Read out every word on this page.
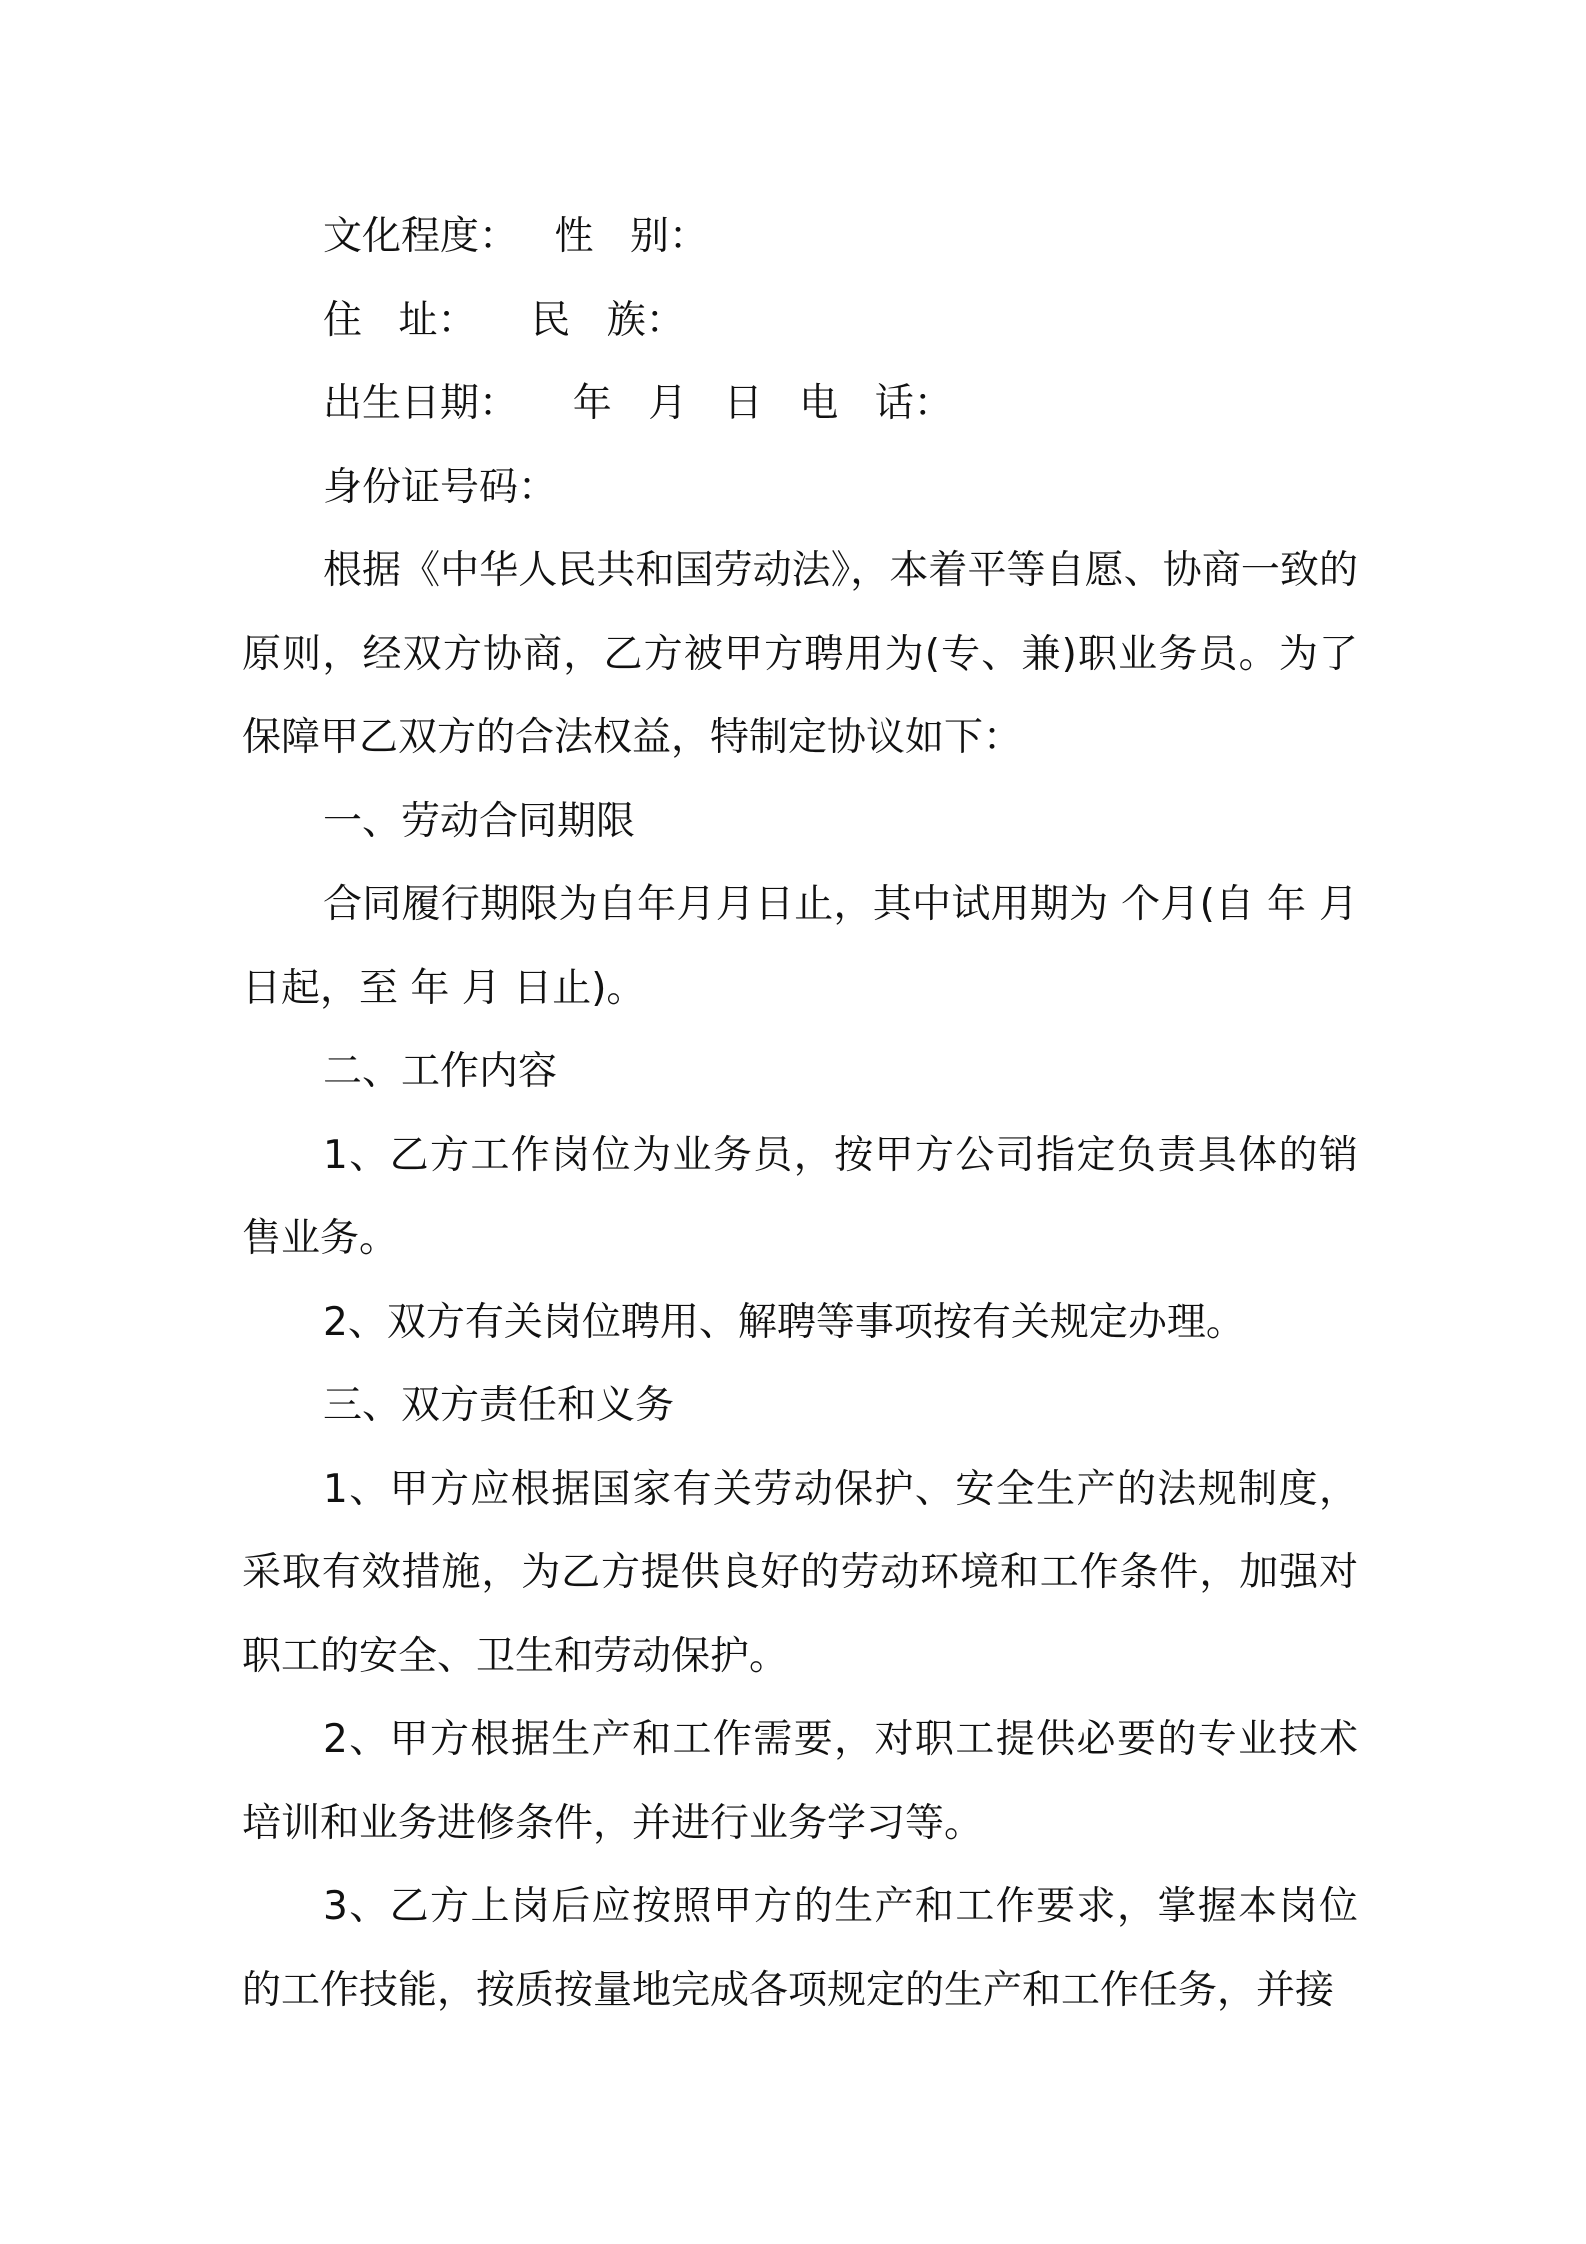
文化程度：  性  别：

住  址：   民  族：

出生日期：   年  月  日  电  话：

身份证号码：

根据《中华人民共和国劳动法》，本着平等自愿、协商一致的原则，经双方协商，乙方被甲方聘用为(专、兼)职业务员。为了保障甲乙双方的合法权益，特制定协议如下：

一、劳动合同期限

合同履行期限为自年月月日止，其中试用期为 个月(自 年 月 日起，至 年 月 日止)。

二、工作内容

1、乙方工作岗位为业务员，按甲方公司指定负责具体的销售业务。

2、双方有关岗位聘用、解聘等事项按有关规定办理。

三、双方责任和义务

1、甲方应根据国家有关劳动保护、安全生产的法规制度，采取有效措施，为乙方提供良好的劳动环境和工作条件，加强对职工的安全、卫生和劳动保护。

2、甲方根据生产和工作需要，对职工提供必要的专业技术培训和业务进修条件，并进行业务学习等。

3、乙方上岗后应按照甲方的生产和工作要求，掌握本岗位的工作技能，按质按量地完成各项规定的生产和工作任务，并接
